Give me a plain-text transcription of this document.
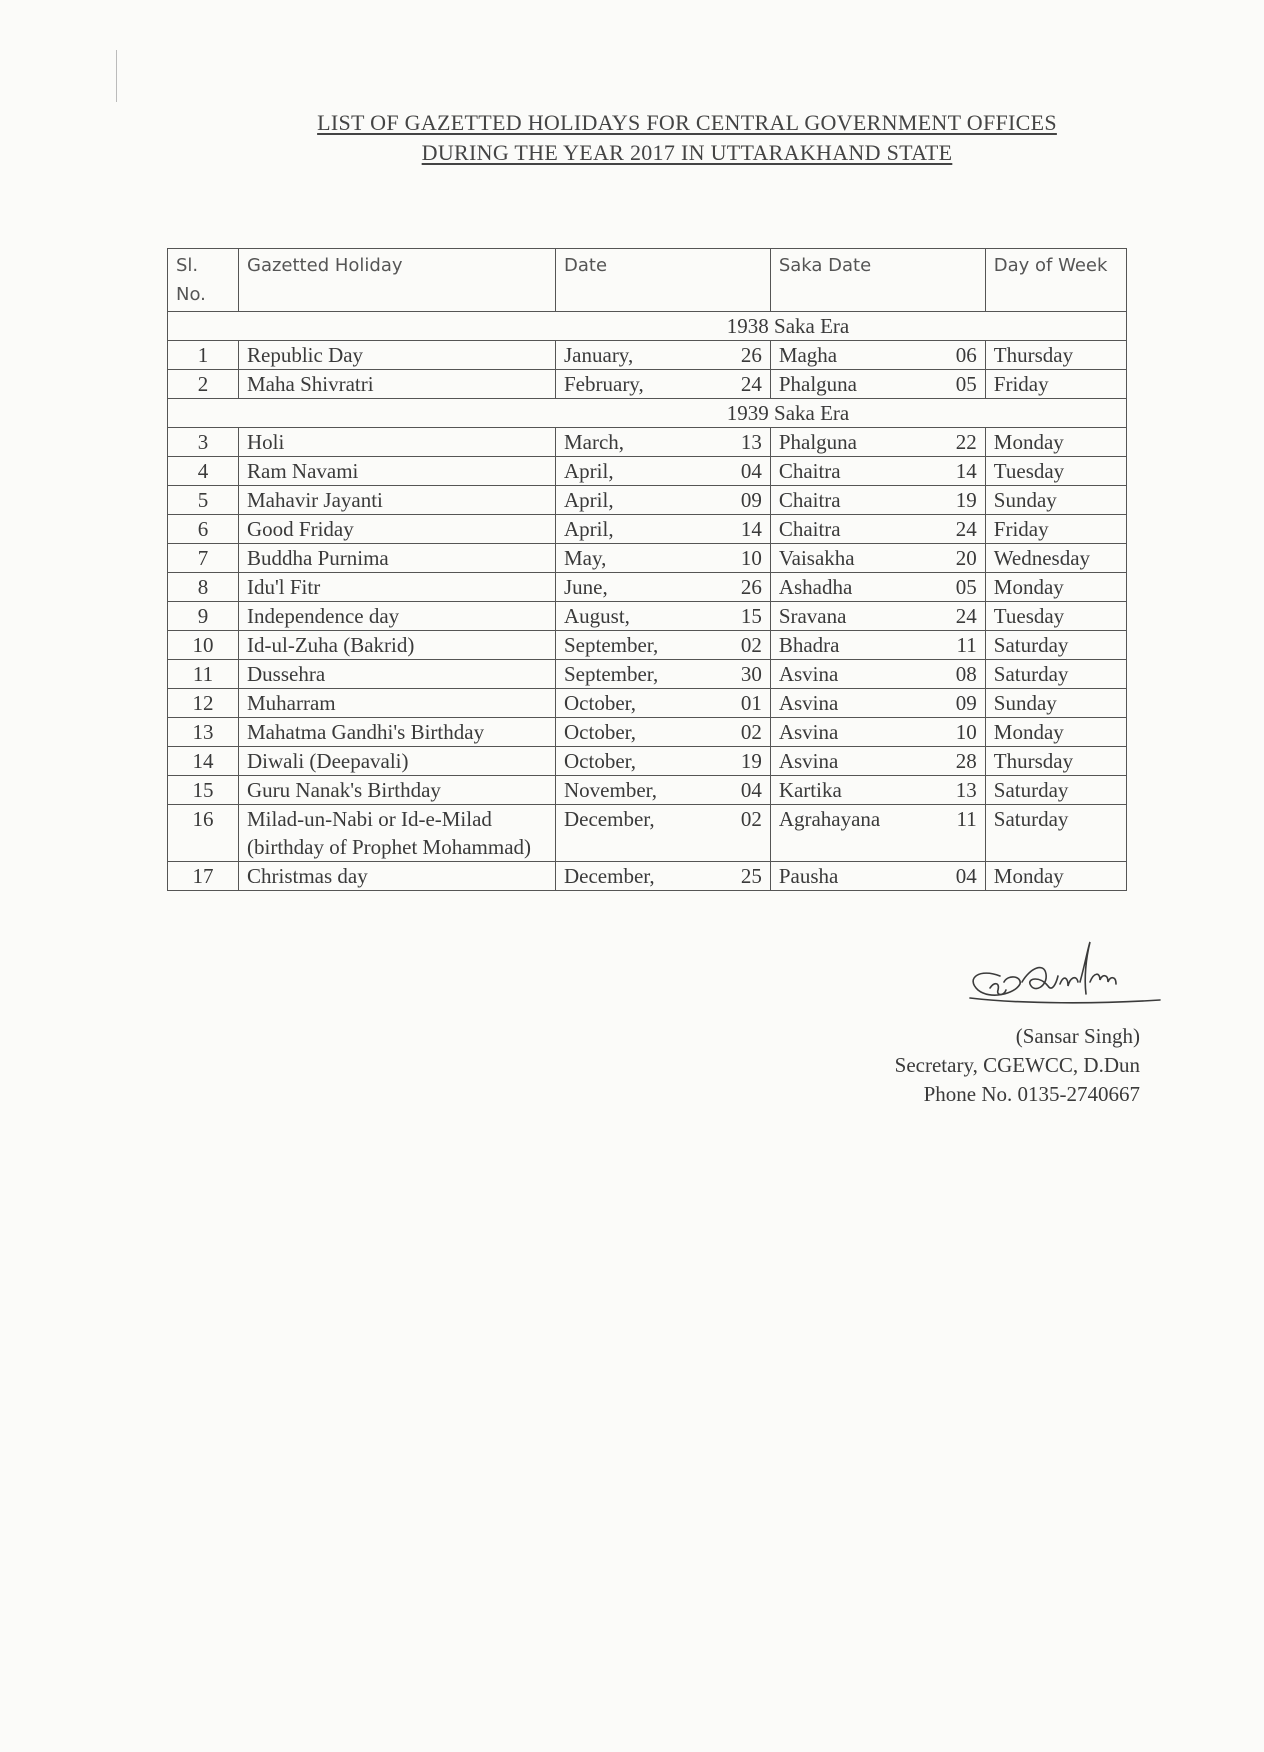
LIST OF GAZETTED HOLIDAYS FOR CENTRAL GOVERNMENT OFFICES
DURING THE YEAR 2017 IN UTTARAKHAND STATE
Sl. No.	Gazetted Holiday	Date		Saka Date		Day of Week
1938 Saka Era						
1	Republic Day	January,	26	Magha	06	Thursday
2	Maha Shivratri	February,	24	Phalguna	05	Friday
1939 Saka Era						
3	Holi	March,	13	Phalguna	22	Monday
4	Ram Navami	April,	04	Chaitra	14	Tuesday
5	Mahavir Jayanti	April,	09	Chaitra	19	Sunday
6	Good Friday	April,	14	Chaitra	24	Friday
7	Buddha Purnima	May,	10	Vaisakha	20	Wednesday
8	Idu'l Fitr	June,	26	Ashadha	05	Monday
9	Independence day	August,	15	Sravana	24	Tuesday
10	Id-ul-Zuha (Bakrid)	September,	02	Bhadra	11	Saturday
11	Dussehra	September,	30	Asvina	08	Saturday
12	Muharram	October,	01	Asvina	09	Sunday
13	Mahatma Gandhi's Birthday	October,	02	Asvina	10	Monday
14	Diwali (Deepavali)	October,	19	Asvina	28	Thursday
15	Guru Nanak's Birthday	November,	04	Kartika	13	Saturday
16	Milad-un-Nabi or Id-e-Milad (birthday of Prophet Mohammad)	December,	02	Agrahayana	11	Saturday
17	Christmas day	December,	25	Pausha	04	Monday
(Sansar Singh)
Secretary, CGEWCC, D.Dun
Phone No. 0135-2740667
